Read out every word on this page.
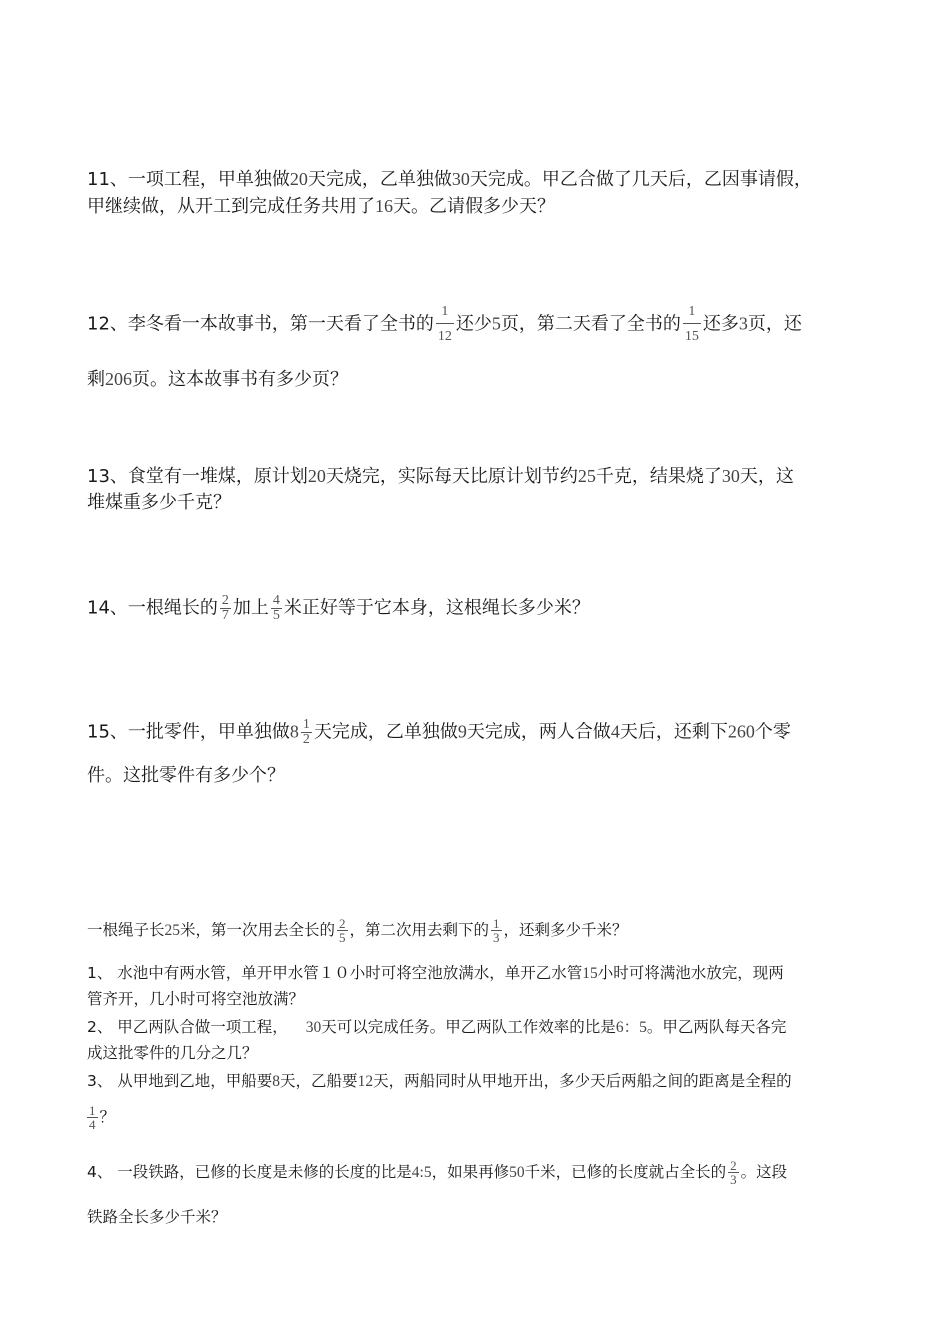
11、一项工程，甲单独做20天完成，乙单独做30天完成。甲乙合做了几天后，乙因事请假，
甲继续做，从开工到完成任务共用了16天。乙请假多少天？
12、李冬看一本故事书，第一天看了全书的 $\frac{1}{12}$ 还少5页，第二天看了全书的 $\frac{1}{15}$ 还多3页，还
剩206页。这本故事书有多少页？
13、食堂有一堆煤，原计划20天烧完，实际每天比原计划节约25千克，结果烧了30天，这
堆煤重多少千克？
14、一根绳长的 $\frac{2}{7}$ 加上 $\frac{4}{5}$ 米正好等于它本身，这根绳长多少米？
15、一批零件，甲单独做$8 \frac{1}{2}$ 天完成，乙单独做9天完成，两人合做4天后，还剩下260个零
件。这批零件有多少个？
一根绳子长25米，第一次用去全长的 $\frac{2}{5}$ ，第二次用去剩下的 $\frac{1}{3}$ ，还剩多少千米？
1、 水池中有两水管，单开甲水管１０小时可将空池放满水，单开乙水管15小时可将满池水放完，现两
管齐开，几小时可将空池放满？
2、 甲乙两队合做一项工程， 30天可以完成任务。甲乙两队工作效率的比是6：5。甲乙两队每天各完
成这批零件的几分之几？
3、 从甲地到乙地，甲船要8天，乙船要12天，两船同时从甲地开出，多少天后两船之间的距离是全程的
$\frac{1}{4}$ ？
4、 一段铁路，已修的长度是未修的长度的比是4:5，如果再修50千米，已修的长度就占全长的 $\frac{2}{3}$ 。这段
铁路全长多少千米？
